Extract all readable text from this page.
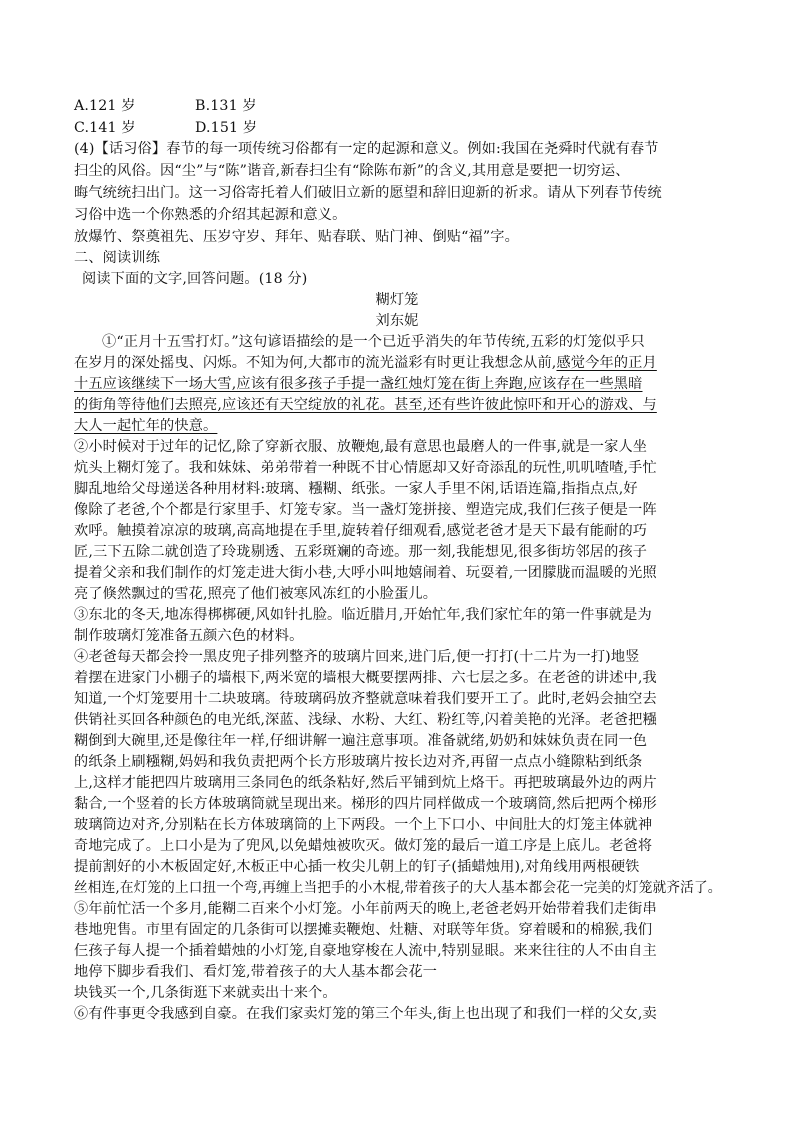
A.121 岁	B.131 岁
C.141 岁	D.151 岁
(4)【话习俗】春节的每一项传统习俗都有一定的起源和意义。例如:我国在尧舜时代就有春节
扫尘的风俗。因“尘”与“陈”谐音,新春扫尘有“除陈布新”的含义,其用意是要把一切穷运、
晦气统统扫出门。这一习俗寄托着人们破旧立新的愿望和辞旧迎新的祈求。请从下列春节传统
习俗中选一个你熟悉的介绍其起源和意义。
放爆竹、祭奠祖先、压岁守岁、拜年、贴春联、贴门神、倒贴“福”字。
二、阅读训练
阅读下面的文字,回答问题。(18 分)
糊灯笼
刘东妮
①“正月十五雪打灯。”这句谚语描绘的是一个已近乎消失的年节传统,五彩的灯笼似乎只
在岁月的深处摇曳、闪烁。不知为何,大都市的流光溢彩有时更让我想念从前,感觉今年的正月
十五应该继续下一场大雪,应该有很多孩子手提一盏红烛灯笼在街上奔跑,应该存在一些黑暗
的街角等待他们去照亮,应该还有天空绽放的礼花。甚至,还有些许彼此惊吓和开心的游戏、与
大人一起忙年的快意。
②小时候对于过年的记忆,除了穿新衣服、放鞭炮,最有意思也最磨人的一件事,就是一家人坐
炕头上糊灯笼了。我和妹妹、弟弟带着一种既不甘心情愿却又好奇添乱的玩性,叽叽喳喳,手忙
脚乱地给父母递送各种用材料:玻璃、糨糊、纸张。一家人手里不闲,话语连篇,指指点点,好
像除了老爸,个个都是行家里手、灯笼专家。当一盏灯笼拼接、塑造完成,我们仨孩子便是一阵
欢呼。触摸着凉凉的玻璃,高高地提在手里,旋转着仔细观看,感觉老爸才是天下最有能耐的巧
匠,三下五除二就创造了玲珑剔透、五彩斑斓的奇迹。那一刻,我能想见,很多街坊邻居的孩子
提着父亲和我们制作的灯笼走进大街小巷,大呼小叫地嬉闹着、玩耍着,一团朦胧而温暖的光照
亮了倏然飘过的雪花,照亮了他们被寒风冻红的小脸蛋儿。
③东北的冬天,地冻得梆梆硬,风如针扎脸。临近腊月,开始忙年,我们家忙年的第一件事就是为
制作玻璃灯笼准备五颜六色的材料。
④老爸每天都会拎一黑皮兜子排列整齐的玻璃片回来,进门后,便一打打(十二片为一打)地竖
着摆在进家门小棚子的墙根下,两米宽的墙根大概要摆两排、六七层之多。在老爸的讲述中,我
知道,一个灯笼要用十二块玻璃。待玻璃码放齐整就意味着我们要开工了。此时,老妈会抽空去
供销社买回各种颜色的电光纸,深蓝、浅绿、水粉、大红、粉红等,闪着美艳的光泽。老爸把糨
糊倒到大碗里,还是像往年一样,仔细讲解一遍注意事项。准备就绪,奶奶和妹妹负责在同一色
的纸条上刷糨糊,妈妈和我负责把两个长方形玻璃片按长边对齐,再留一点点小缝隙粘到纸条
上,这样才能把四片玻璃用三条同色的纸条粘好,然后平铺到炕上烙干。再把玻璃最外边的两片
黏合,一个竖着的长方体玻璃筒就呈现出来。梯形的四片同样做成一个玻璃筒,然后把两个梯形
玻璃筒边对齐,分别粘在长方体玻璃筒的上下两段。一个上下口小、中间肚大的灯笼主体就神
奇地完成了。上口小是为了兜风,以免蜡烛被吹灭。做灯笼的最后一道工序是上底儿。老爸将
提前割好的小木板固定好,木板正中心插一枚尖儿朝上的钉子(插蜡烛用),对角线用两根硬铁
丝相连,在灯笼的上口扭一个弯,再缠上当把手的小木棍,带着孩子的大人基本都会花一完美的灯笼就齐活了。
⑤年前忙活一个多月,能糊二百来个小灯笼。小年前两天的晚上,老爸老妈开始带着我们走街串
巷地兜售。市里有固定的几条街可以摆摊卖鞭炮、灶糖、对联等年货。穿着暖和的棉猴,我们
仨孩子每人提一个插着蜡烛的小灯笼,自豪地穿梭在人流中,特别显眼。来来往往的人不由自主
地停下脚步看我们、看灯笼,带着孩子的大人基本都会花一
块钱买一个,几条街逛下来就卖出十来个。
⑥有件事更令我感到自豪。在我们家卖灯笼的第三个年头,街上也出现了和我们一样的父女,卖
